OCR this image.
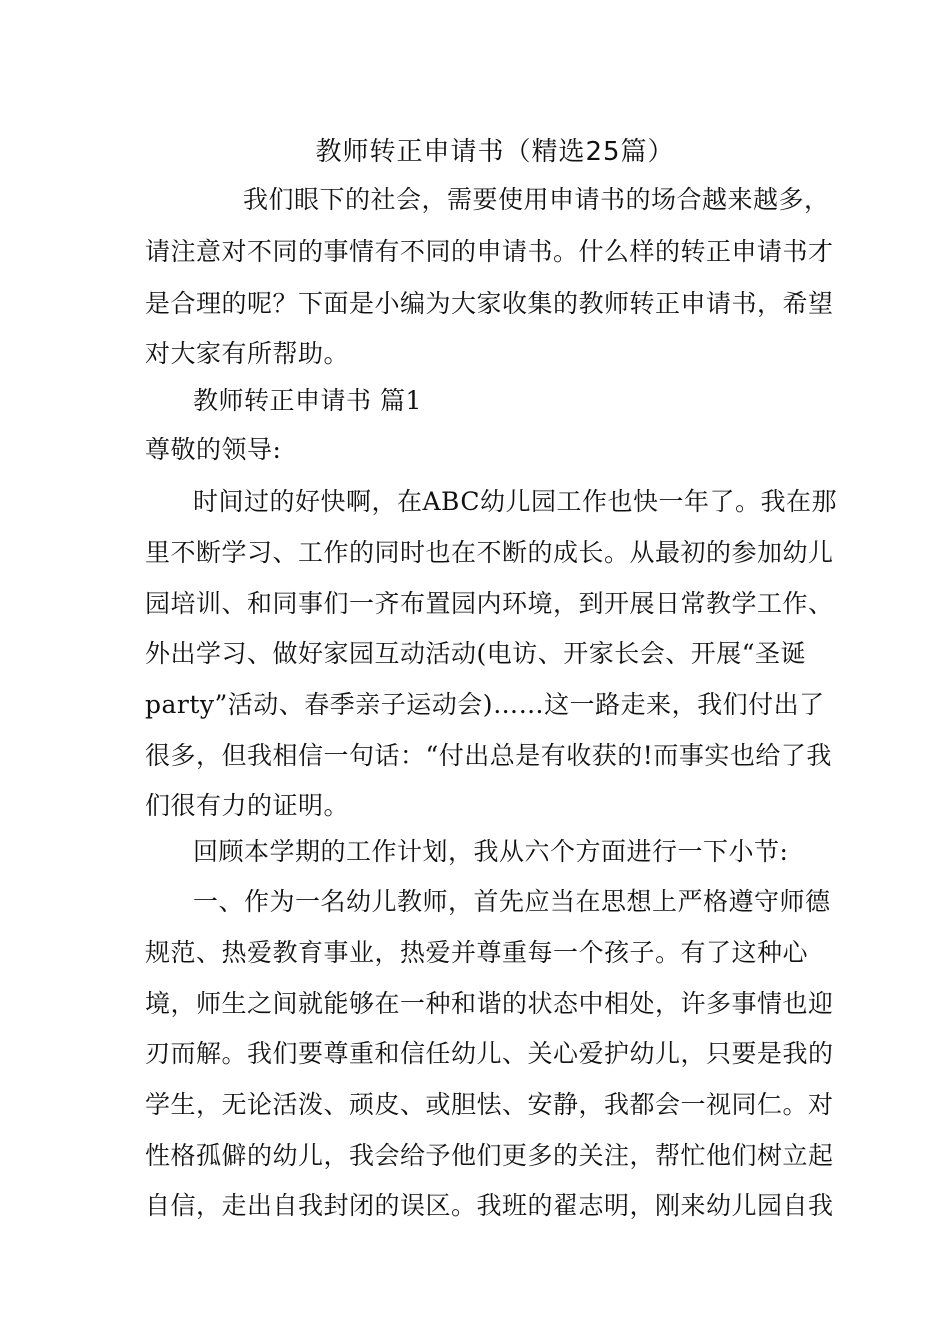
教师转正申请书（精选25篇）
我们眼下的社会，需要使用申请书的场合越来越多，
请注意对不同的事情有不同的申请书。什么样的转正申请书才
是合理的呢？下面是小编为大家收集的教师转正申请书，希望
对大家有所帮助。
教师转正申请书 篇1
尊敬的领导:
时间过的好快啊，在ABC幼儿园工作也快一年了。我在那
里不断学习、工作的同时也在不断的成长。从最初的参加幼儿
园培训、和同事们一齐布置园内环境，到开展日常教学工作、
外出学习、做好家园互动活动(电访、开家长会、开展“圣诞
party”活动、春季亲子运动会)……这一路走来，我们付出了
很多，但我相信一句话：“付出总是有收获的!而事实也给了我
们很有力的证明。
回顾本学期的工作计划，我从六个方面进行一下小节:
一、作为一名幼儿教师，首先应当在思想上严格遵守师德
规范、热爱教育事业，热爱并尊重每一个孩子。有了这种心
境，师生之间就能够在一种和谐的状态中相处，许多事情也迎
刃而解。我们要尊重和信任幼儿、关心爱护幼儿，只要是我的
学生，无论活泼、顽皮、或胆怯、安静，我都会一视同仁。对
性格孤僻的幼儿，我会给予他们更多的关注，帮忙他们树立起
自信，走出自我封闭的误区。我班的翟志明，刚来幼儿园自我
